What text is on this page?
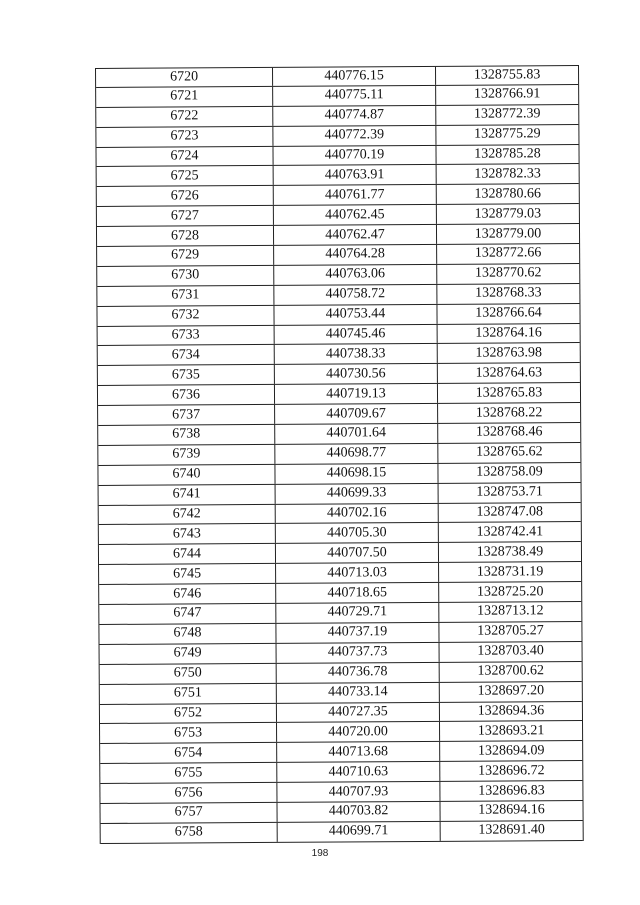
6720	440776.15	1328755.83
6721	440775.11	1328766.91
6722	440774.87	1328772.39
6723	440772.39	1328775.29
6724	440770.19	1328785.28
6725	440763.91	1328782.33
6726	440761.77	1328780.66
6727	440762.45	1328779.03
6728	440762.47	1328779.00
6729	440764.28	1328772.66
6730	440763.06	1328770.62
6731	440758.72	1328768.33
6732	440753.44	1328766.64
6733	440745.46	1328764.16
6734	440738.33	1328763.98
6735	440730.56	1328764.63
6736	440719.13	1328765.83
6737	440709.67	1328768.22
6738	440701.64	1328768.46
6739	440698.77	1328765.62
6740	440698.15	1328758.09
6741	440699.33	1328753.71
6742	440702.16	1328747.08
6743	440705.30	1328742.41
6744	440707.50	1328738.49
6745	440713.03	1328731.19
6746	440718.65	1328725.20
6747	440729.71	1328713.12
6748	440737.19	1328705.27
6749	440737.73	1328703.40
6750	440736.78	1328700.62
6751	440733.14	1328697.20
6752	440727.35	1328694.36
6753	440720.00	1328693.21
6754	440713.68	1328694.09
6755	440710.63	1328696.72
6756	440707.93	1328696.83
6757	440703.82	1328694.16
6758	440699.71	1328691.40
198
